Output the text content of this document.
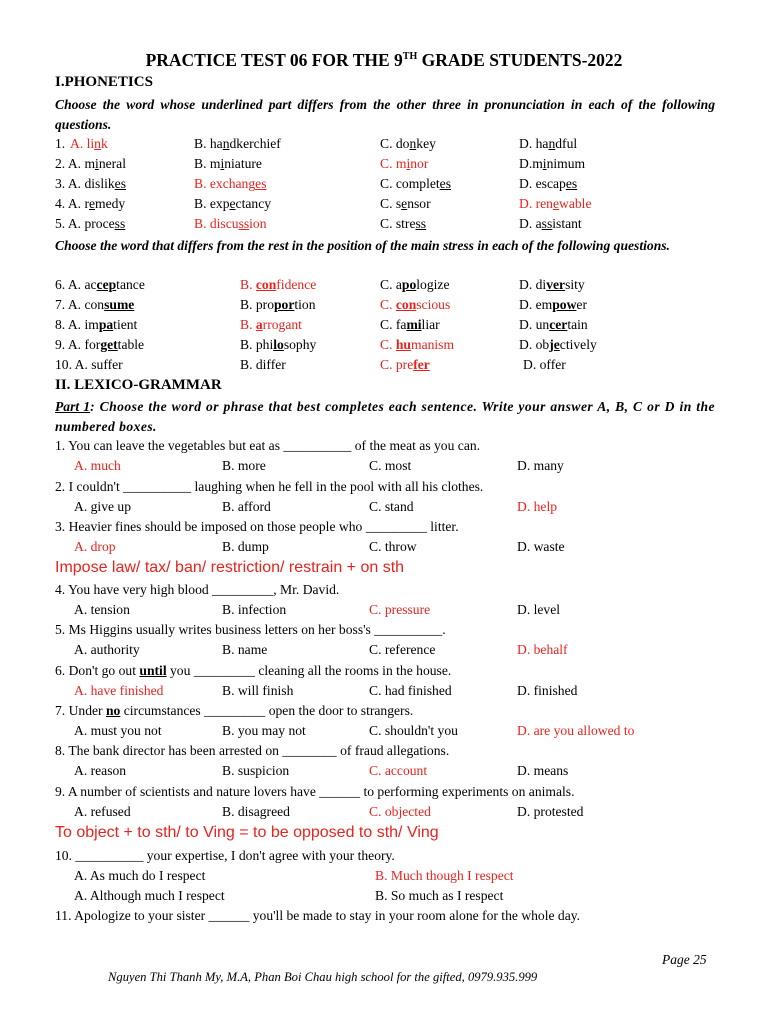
PRACTICE TEST 06 FOR THE 9TH GRADE STUDENTS-2022
I.PHONETICS
Choose the word whose underlined part differs from the other three in pronunciation in each of the following questions.
1. A. link	B. handkerchief	C. donkey	D. handful
2. A. mineral	B. miniature	C. minor	D.minimum
3. A. dislikes	B. exchanges	C. completes	D. escapes
4. A. remedy	B. expectancy	C. sensor	D. renewable
5. A. process	B. discussion	C. stress	D. assistant
Choose the word that differs from the rest in the position of the main stress in each of the following questions.
6. A. acceptance	B. confidence	C. apologize	D. diversity
7. A. consume	B. proportion	C. conscious	D. empower
8. A. impatient	B. arrogant	C. familiar	D. uncertain
9. A. forgettable	B. philosophy	C. humanism	D. objectively
10. A. suffer	B. differ	C. prefer	D. offer
II. LEXICO-GRAMMAR
Part 1: Choose the word or phrase that best completes each sentence. Write your answer A, B, C or D in the numbered boxes.
1. You can leave the vegetables but eat as __________ of the meat as you can.
A. much	B. more	C. most	D. many
2. I couldn't __________ laughing when he fell in the pool with all his clothes.
A. give up	B. afford	C. stand	D. help
3. Heavier fines should be imposed on those people who _________ litter.
A. drop	B. dump	C. throw	D. waste
Impose law/ tax/ ban/ restriction/ restrain + on sth
4. You have very high blood _________, Mr. David.
A. tension	B. infection	C. pressure	D. level
5. Ms Higgins usually writes business letters on her boss's __________.
A. authority	B. name	C. reference	D. behalf
6. Don't go out until you _________ cleaning all the rooms in the house.
A. have finished	B. will finish	C. had finished	D. finished
7. Under no circumstances _________ open the door to strangers.
A. must you not	B. you may not	C. shouldn't you	D. are you allowed to
8. The bank director has been arrested on ________ of fraud allegations.
A. reason	B. suspicion	C. account	D. means
9. A number of scientists and nature lovers have ______ to performing experiments on animals.
A. refused	B. disagreed	C. objected	D. protested
To object + to sth/ to Ving = to be opposed to sth/ Ving
10. __________ your expertise, I don't agree with your theory.
A. As much do I respect	B. Much though I respect
A. Although much I respect	B. So much as I respect
11. Apologize to your sister ______ you'll be made to stay in your room alone for the whole day.
Page 25
Nguyen Thi Thanh My, M.A, Phan Boi Chau high school for the gifted, 0979.935.999
